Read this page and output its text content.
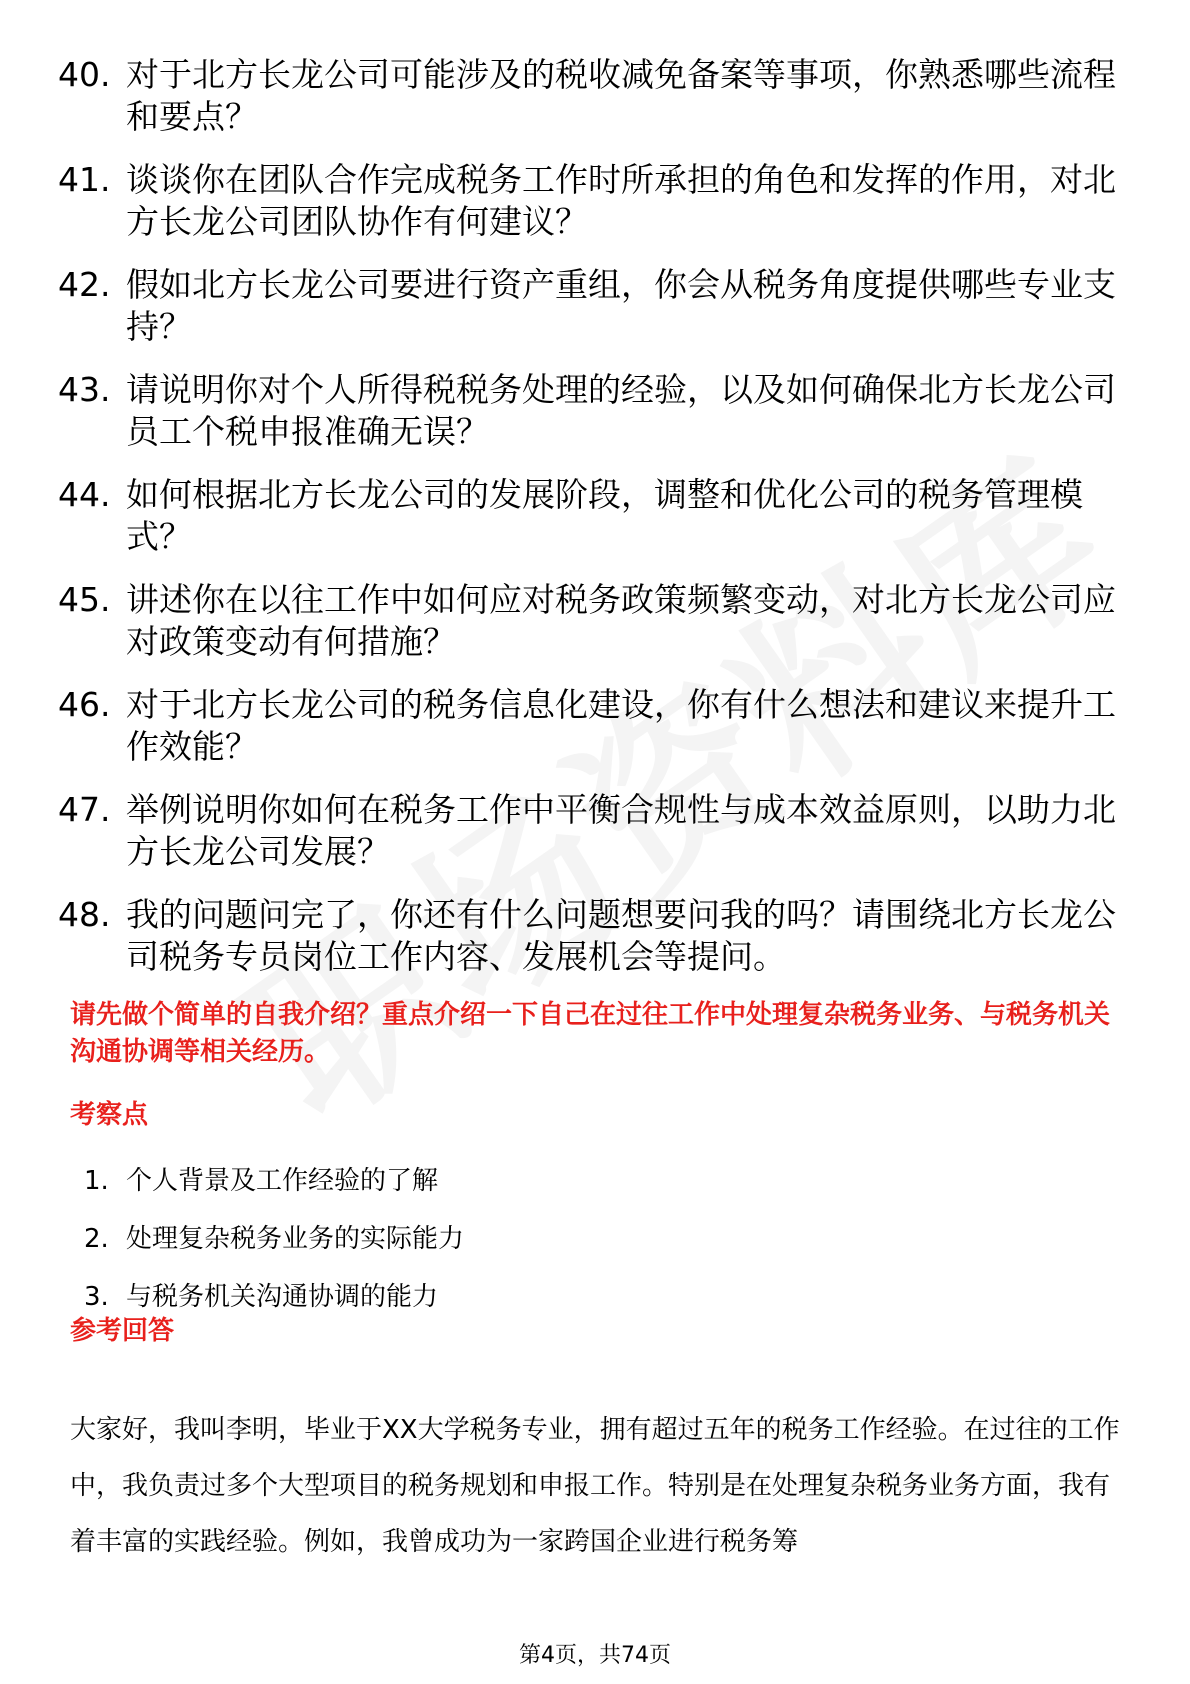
40. 对于北方长龙公司可能涉及的税收减免备案等事项，你熟悉哪些流程和要点？
41. 谈谈你在团队合作完成税务工作时所承担的角色和发挥的作用，对北方长龙公司团队协作有何建议？
42. 假如北方长龙公司要进行资产重组，你会从税务角度提供哪些专业支持？
43. 请说明你对个人所得税税务处理的经验，以及如何确保北方长龙公司员工个税申报准确无误？
44. 如何根据北方长龙公司的发展阶段，调整和优化公司的税务管理模式？
45. 讲述你在以往工作中如何应对税务政策频繁变动，对北方长龙公司应对政策变动有何措施？
46. 对于北方长龙公司的税务信息化建设，你有什么想法和建议来提升工作效能？
47. 举例说明你如何在税务工作中平衡合规性与成本效益原则，以助力北方长龙公司发展？
48. 我的问题问完了，你还有什么问题想要问我的吗？请围绕北方长龙公司税务专员岗位工作内容、发展机会等提问。
请先做个简单的自我介绍？重点介绍一下自己在过往工作中处理复杂税务业务、与税务机关沟通协调等相关经历。
考察点
1. 个人背景及工作经验的了解
2. 处理复杂税务业务的实际能力
3. 与税务机关沟通协调的能力
参考回答
大家好，我叫李明，毕业于XX大学税务专业，拥有超过五年的税务工作经验。在过往的工作中，我负责过多个大型项目的税务规划和申报工作。特别是在处理复杂税务业务方面，我有着丰富的实践经验。例如，我曾成功为一家跨国企业进行税务筹
第4页，共74页
